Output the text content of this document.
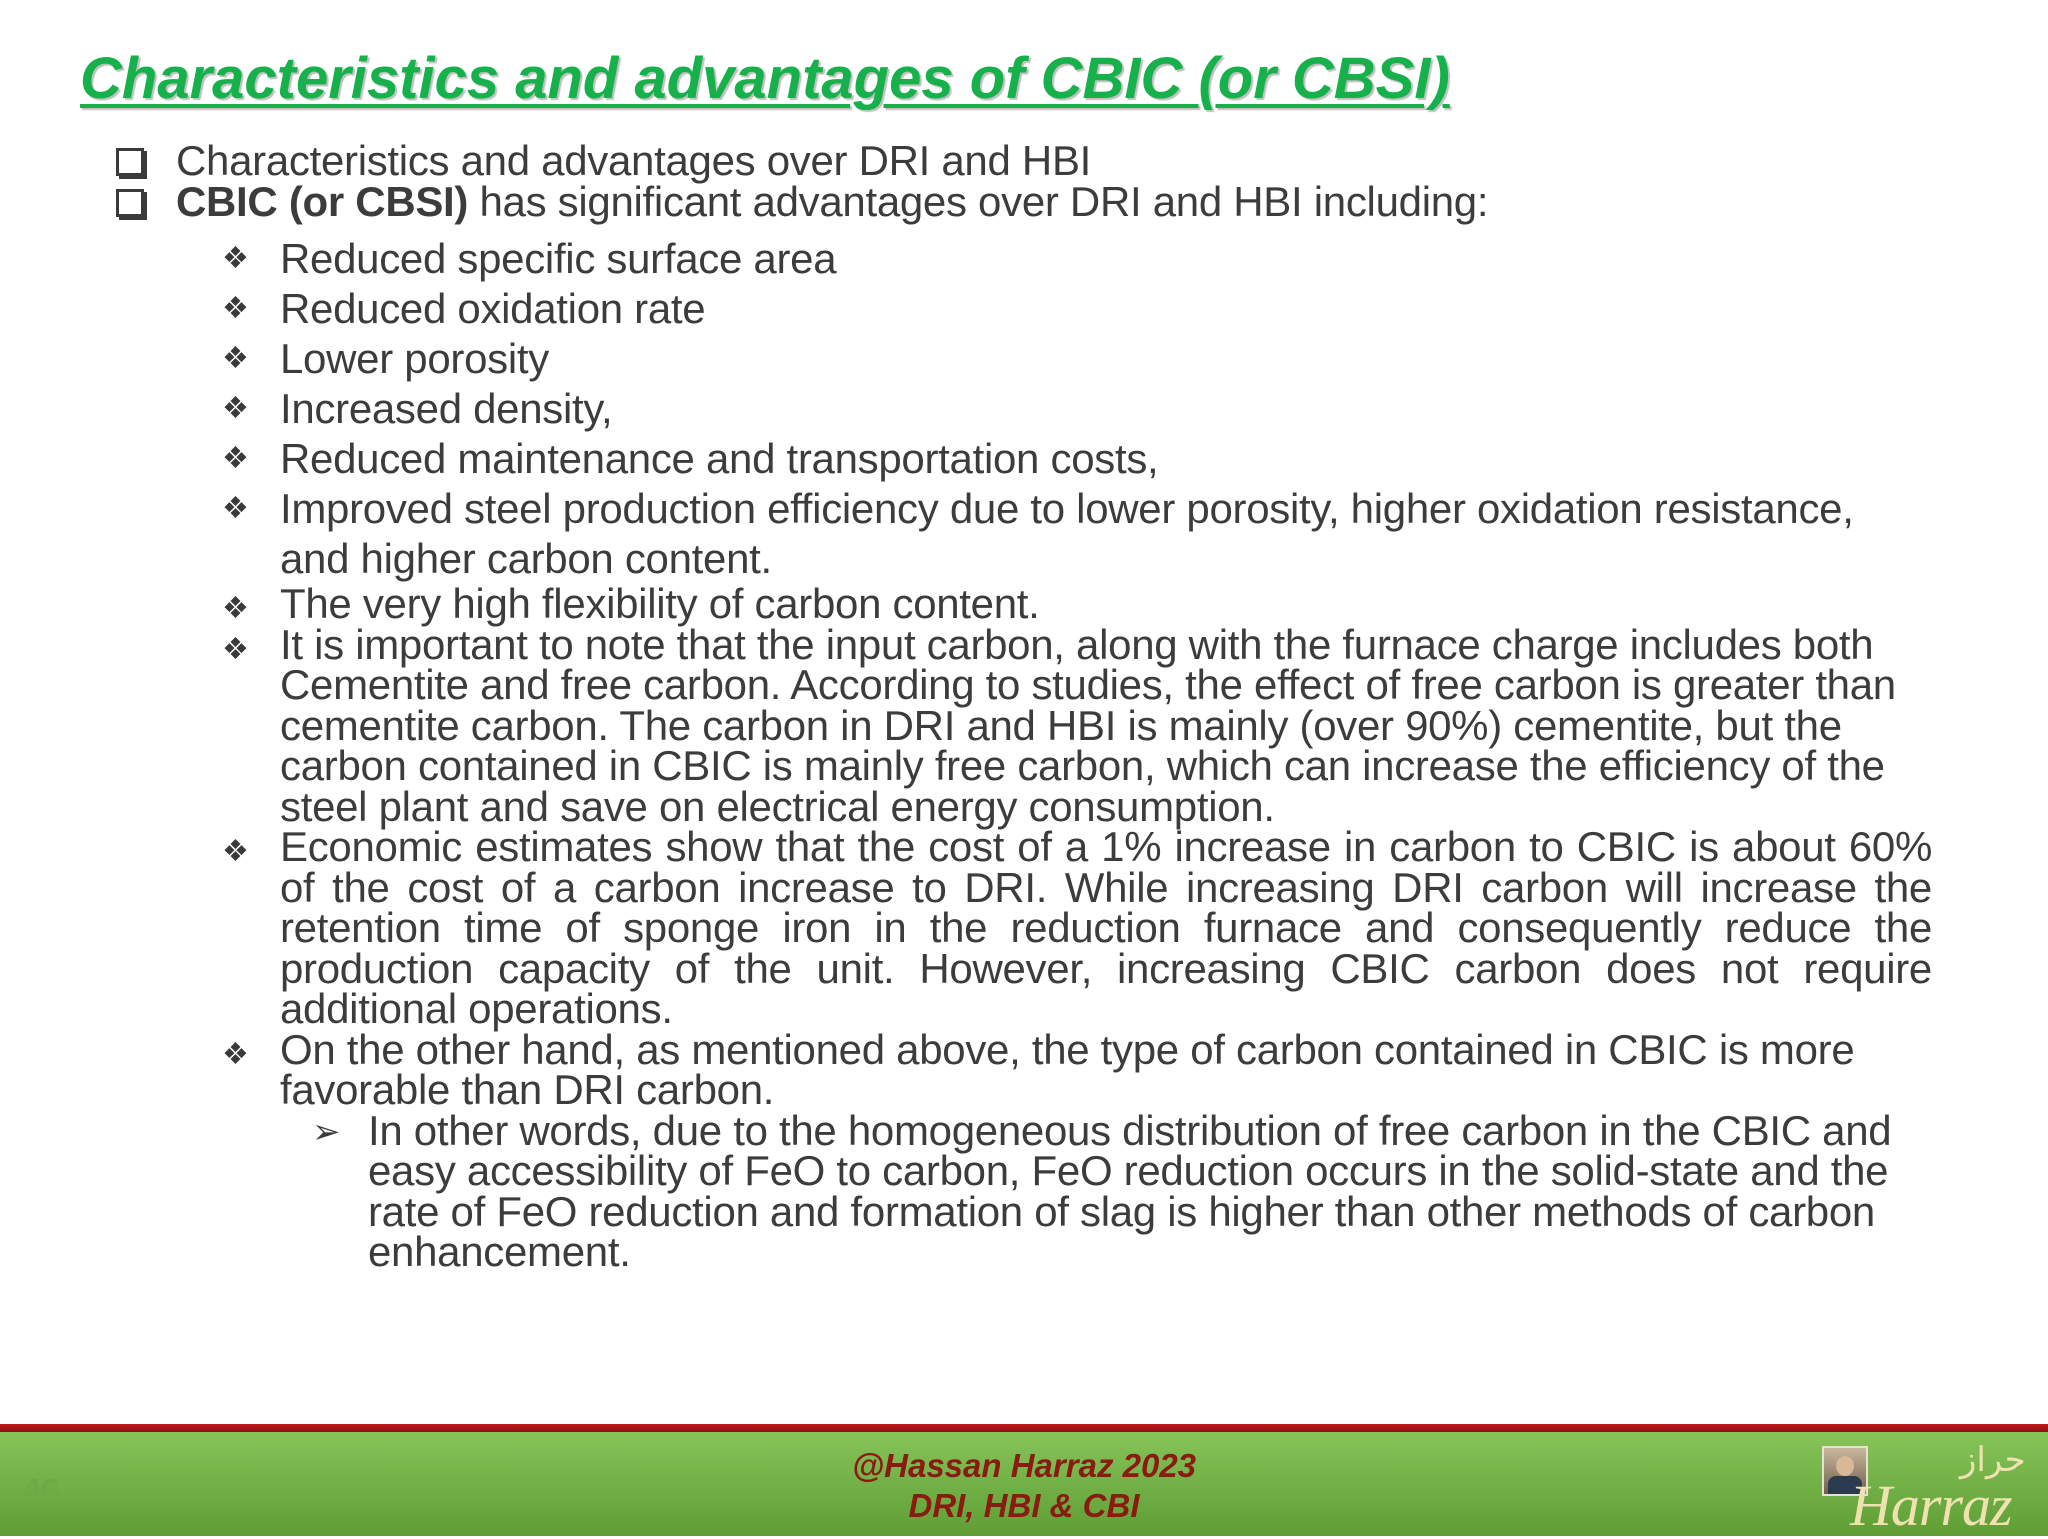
Characteristics and advantages of CBIC (or CBSI)
Characteristics and advantages over DRI and HBI
CBIC (or CBSI) has significant advantages over DRI and HBI including:
❖ Reduced specific surface area
❖ Reduced oxidation rate
❖ Lower porosity
❖ Increased density,
❖ Reduced maintenance and transportation costs,
❖ Improved steel production efficiency due to lower porosity, higher oxidation resistance, and higher carbon content.
❖ The very high flexibility of carbon content.
❖ It is important to note that the input carbon, along with the furnace charge includes both Cementite and free carbon. According to studies, the effect of free carbon is greater than cementite carbon. The carbon in DRI and HBI is mainly (over 90%) cementite, but the carbon contained in CBIC is mainly free carbon, which can increase the efficiency of the steel plant and save on electrical energy consumption.
❖ Economic estimates show that the cost of a 1% increase in carbon to CBIC is about 60% of the cost of a carbon increase to DRI. While increasing DRI carbon will increase the retention time of sponge iron in the reduction furnace and consequently reduce the production capacity of the unit. However, increasing CBIC carbon does not require additional operations.
❖ On the other hand, as mentioned above, the type of carbon contained in CBIC is more favorable than DRI carbon.
➢ In other words, due to the homogeneous distribution of free carbon in the CBIC and easy accessibility of FeO to carbon, FeO reduction occurs in the solid-state and the rate of FeO reduction and formation of slag is higher than other methods of carbon enhancement.
46
@Hassan Harraz 2023
DRI, HBI & CBI
حراز
Harraz
